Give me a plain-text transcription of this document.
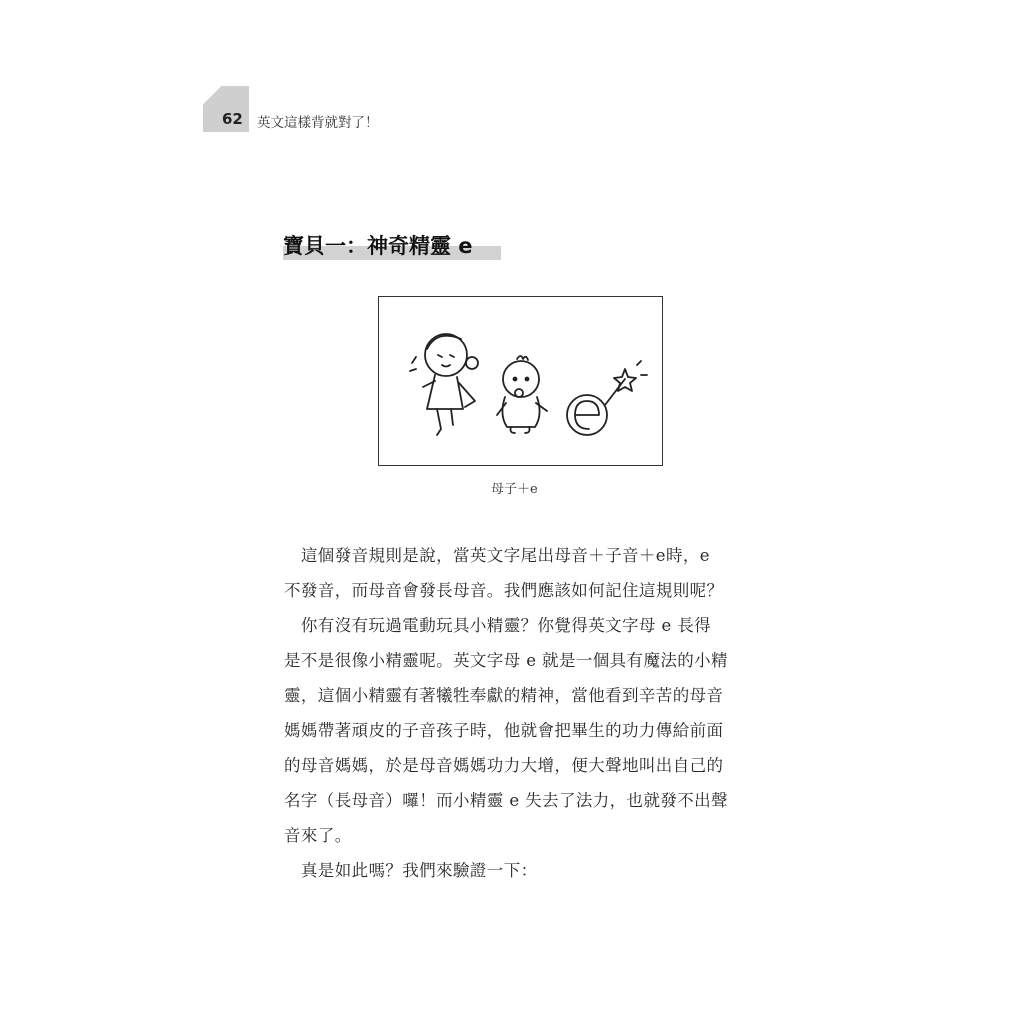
62 英文這樣背就對了！
寶貝一：神奇精靈 e
母子＋e
　這個發音規則是說，當英文字尾出母音＋子音＋e時，e
不發音，而母音會發長母音。我們應該如何記住這規則呢？
　你有沒有玩過電動玩具小精靈？你覺得英文字母 e 長得
是不是很像小精靈呢。英文字母 e 就是一個具有魔法的小精
靈，這個小精靈有著犧牲奉獻的精神，當他看到辛苦的母音
媽媽帶著頑皮的子音孩子時，他就會把畢生的功力傳給前面
的母音媽媽，於是母音媽媽功力大增，便大聲地叫出自己的
名字（長母音）囉！而小精靈 e 失去了法力，也就發不出聲
音來了。
　真是如此嗎？我們來驗證一下：
